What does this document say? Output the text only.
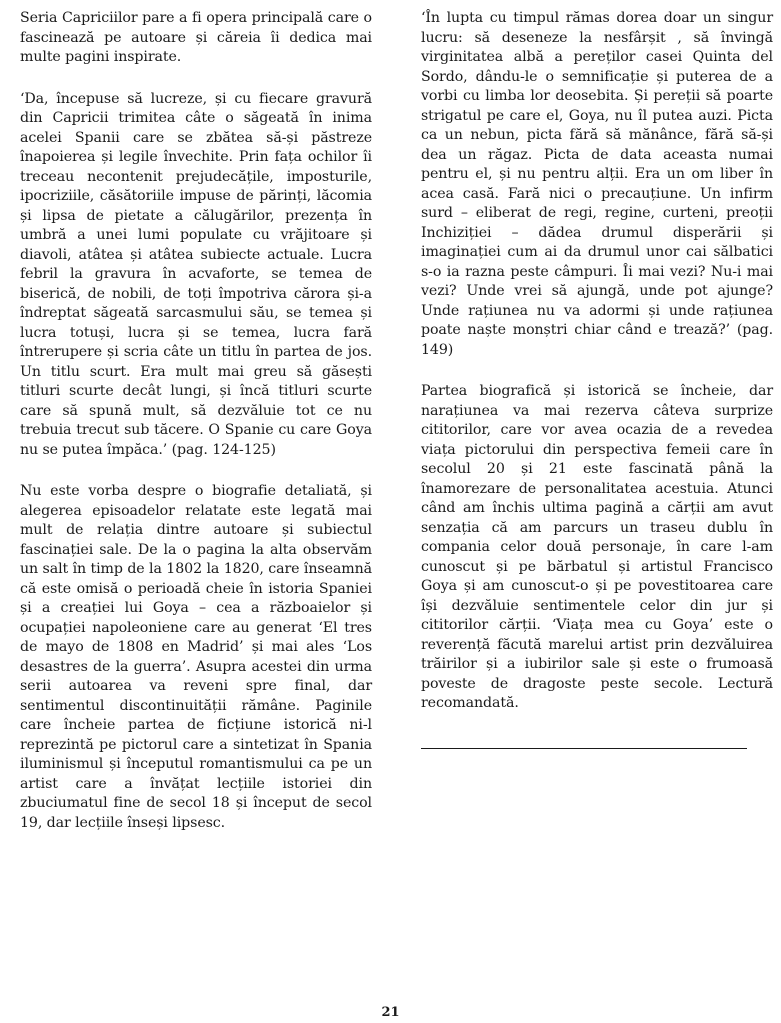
Seria Capriciilor pare a fi opera principală care o fascinează pe autoare și căreia îi dedica mai multe pagini inspirate.

‘Da, începuse să lucreze, și cu fiecare gravură din Capricii trimitea câte o săgeată în inima acelei Spanii care se zbătea să-și păstreze înapoierea și legile învechite. Prin fața ochilor îi treceau necontenit prejudecățile, imposturile, ipocriziile, căsătoriile impuse de părinți, lăcomia și lipsa de pietate a călugărilor, prezența în umbră a unei lumi populate cu vrăjitoare și diavoli, atâtea și atâtea subiecte actuale. Lucra febril la gravura în acvaforte, se temea de biserică, de nobili, de toți împotriva cărora și-a îndreptat săgeată sarcasmului său, se temea și lucra totuși, lucra și se temea, lucra fară întrerupere și scria câte un titlu în partea de jos. Un titlu scurt. Era mult mai greu să găsești titluri scurte decât lungi, și încă titluri scurte care să spună mult, să dezvăluie tot ce nu trebuia trecut sub tăcere. O Spanie cu care Goya nu se putea împăca.’ (pag. 124-125)

Nu este vorba despre o biografie detaliată, și alegerea episoadelor relatate este legată mai mult de relația dintre autoare și subiectul fascinației sale. De la o pagina la alta observăm un salt în timp de la 1802 la 1820, care înseamnă că este omisă o perioadă cheie în istoria Spaniei și a creației lui Goya – cea a războaielor și ocupației napoleoniene care au generat ‘El tres de mayo de 1808 en Madrid’ și mai ales ‘Los desastres de la guerra’. Asupra acestei din urma serii autoarea va reveni spre final, dar sentimentul discontinuității rămâne. Paginile care încheie partea de ficțiune istorică ni-l reprezintă pe pictorul care a sintetizat în Spania iluminismul și începutul romantismului ca pe un artist care a învățat lecțiile istoriei din zbuciumatul fine de secol 18 și început de secol 19, dar lecțiile înseși lipsesc.

‘În lupta cu timpul rămas dorea doar un singur lucru: să deseneze la nesfârșit , să învingă virginitatea albă a pereților casei Quinta del Sordo, dându-le o semnificație și puterea de a vorbi cu limba lor deosebita. Și pereții să poarte strigatul pe care el, Goya, nu îl putea auzi. Picta ca un nebun, picta fără să mănânce, fără să-și dea un răgaz. Picta de data aceasta numai pentru el, și nu pentru alții. Era un om liber în acea casă. Fară nici o precauțiune. Un infirm surd – eliberat de regi, regine, curteni, preoții Inchiziției – dădea drumul disperării și imaginației cum ai da drumul unor cai sălbatici s-o ia razna peste câmpuri. Îi mai vezi? Nu-i mai vezi? Unde vrei să ajungă, unde pot ajunge? Unde rațiunea nu va adormi și unde rațiunea poate naște monștri chiar când e trează?’ (pag. 149)

Partea biografică și istorică se încheie, dar narațiunea va mai rezerva câteva surprize cititorilor, care vor avea ocazia de a revedea viața pictorului din perspectiva femeii care în secolul 20 și 21 este fascinată până la înamorezare de personalitatea acestuia. Atunci când am închis ultima pagină a cărții am avut senzația că am parcurs un traseu dublu în compania celor două personaje, în care l-am cunoscut și pe bărbatul și artistul Francisco Goya și am cunoscut-o și pe povestitoarea care își dezvăluie sentimentele celor din jur și cititorilor cărții. ‘Viața mea cu Goya’ este o reverență făcută marelui artist prin dezvăluirea trăirilor și a iubirilor sale și este o frumoasă poveste de dragoste peste secole. Lectură recomandată.

21
